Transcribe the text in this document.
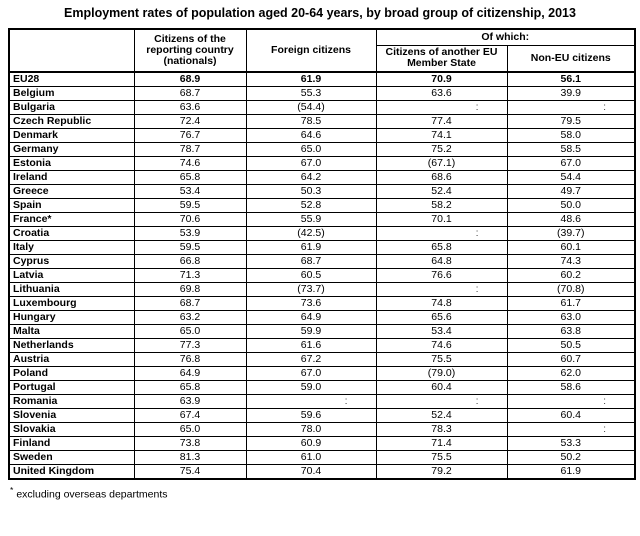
Employment rates of population aged 20-64 years, by broad group of citizenship, 2013
	Citizens of the reporting country (nationals)	Foreign citizens	Of which:	
			Citizens of another EU Member State	Non-EU citizens
EU28	68.9	61.9	70.9	56.1
Belgium	68.7	55.3	63.6	39.9
Bulgaria	63.6	(54.4)	:	:
Czech Republic	72.4	78.5	77.4	79.5
Denmark	76.7	64.6	74.1	58.0
Germany	78.7	65.0	75.2	58.5
Estonia	74.6	67.0	(67.1)	67.0
Ireland	65.8	64.2	68.6	54.4
Greece	53.4	50.3	52.4	49.7
Spain	59.5	52.8	58.2	50.0
France*	70.6	55.9	70.1	48.6
Croatia	53.9	(42.5)	:	(39.7)
Italy	59.5	61.9	65.8	60.1
Cyprus	66.8	68.7	64.8	74.3
Latvia	71.3	60.5	76.6	60.2
Lithuania	69.8	(73.7)	:	(70.8)
Luxembourg	68.7	73.6	74.8	61.7
Hungary	63.2	64.9	65.6	63.0
Malta	65.0	59.9	53.4	63.8
Netherlands	77.3	61.6	74.6	50.5
Austria	76.8	67.2	75.5	60.7
Poland	64.9	67.0	(79.0)	62.0
Portugal	65.8	59.0	60.4	58.6
Romania	63.9	:	:	:
Slovenia	67.4	59.6	52.4	60.4
Slovakia	65.0	78.0	78.3	:
Finland	73.8	60.9	71.4	53.3
Sweden	81.3	61.0	75.5	50.2
United Kingdom	75.4	70.4	79.2	61.9
* excluding overseas departments
